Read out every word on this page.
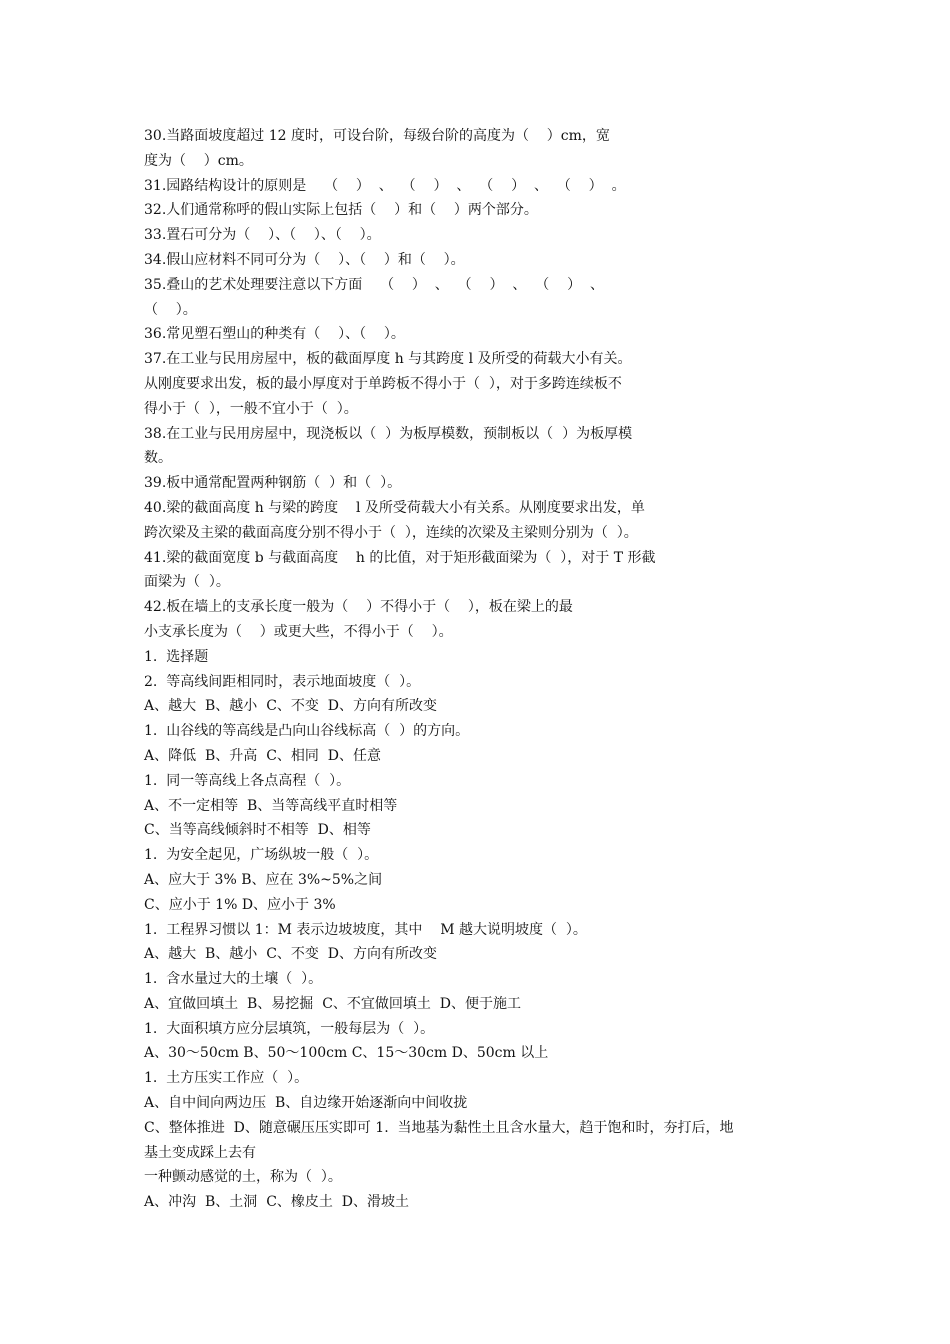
30.当路面坡度超过 12 度时，可设台阶，每级台阶的高度为（    ）cm，宽
度为（    ）cm。
31.园路结构设计的原则是    （    ）  、  （    ）  、  （    ）  、  （    ）  。
32.人们通常称呼的假山实际上包括（    ）和（    ）两个部分。
33.置石可分为（    ）、（    ）、（    ）。
34.假山应材料不同可分为（    ）、（    ）和（    ）。
35.叠山的艺术处理要注意以下方面    （    ）  、  （    ）  、  （    ）  、
（    ）。
36.常见塑石塑山的种类有（    ）、（    ）。
37.在工业与民用房屋中，板的截面厚度 h 与其跨度 l 及所受的荷载大小有关。
从刚度要求出发，板的最小厚度对于单跨板不得小于（  ），对于多跨连续板不
得小于（  ），一般不宜小于（  ）。
38.在工业与民用房屋中，现浇板以（  ）为板厚模数，预制板以（  ）为板厚模
数。
39.板中通常配置两种钢筋（  ）和（  ）。
40.梁的截面高度 h 与梁的跨度    l 及所受荷载大小有关系。从刚度要求出发，单
跨次梁及主梁的截面高度分别不得小于（  ），连续的次梁及主梁则分别为（  ）。
41.梁的截面宽度 b 与截面高度    h 的比值，对于矩形截面梁为（  ），对于 T 形截
面梁为（  ）。
42.板在墙上的支承长度一般为（    ）不得小于（    ），板在梁上的最
小支承长度为（    ）或更大些，不得小于（    ）。
1.  选择题
2.  等高线间距相同时，表示地面坡度（  ）。
A、越大  B、越小  C、不变  D、方向有所改变
1.  山谷线的等高线是凸向山谷线标高（  ）的方向。
A、降低  B、升高  C、相同  D、任意
1.  同一等高线上各点高程（  ）。
A、不一定相等  B、当等高线平直时相等
C、当等高线倾斜时不相等  D、相等
1.  为安全起见，广场纵坡一般（  ）。
A、应大于 3% B、应在 3%~5%之间
C、应小于 1% D、应小于 3%
1.  工程界习惯以 1：M 表示边坡坡度，其中    M 越大说明坡度（  ）。
A、越大  B、越小  C、不变  D、方向有所改变
1.  含水量过大的土壤（  ）。
A、宜做回填土  B、易挖掘  C、不宜做回填土  D、便于施工
1.  大面积填方应分层填筑，一般每层为（  ）。
A、30～50cm B、50～100cm C、15～30cm D、50cm 以上
1.  土方压实工作应（  ）。
A、自中间向两边压  B、自边缘开始逐渐向中间收拢
C、整体推进  D、随意碾压压实即可 1.  当地基为黏性土且含水量大，趋于饱和时，夯打后，地
基土变成踩上去有
一种颤动感觉的土，称为（  ）。
A、冲沟  B、土洞  C、橡皮土  D、滑坡土
